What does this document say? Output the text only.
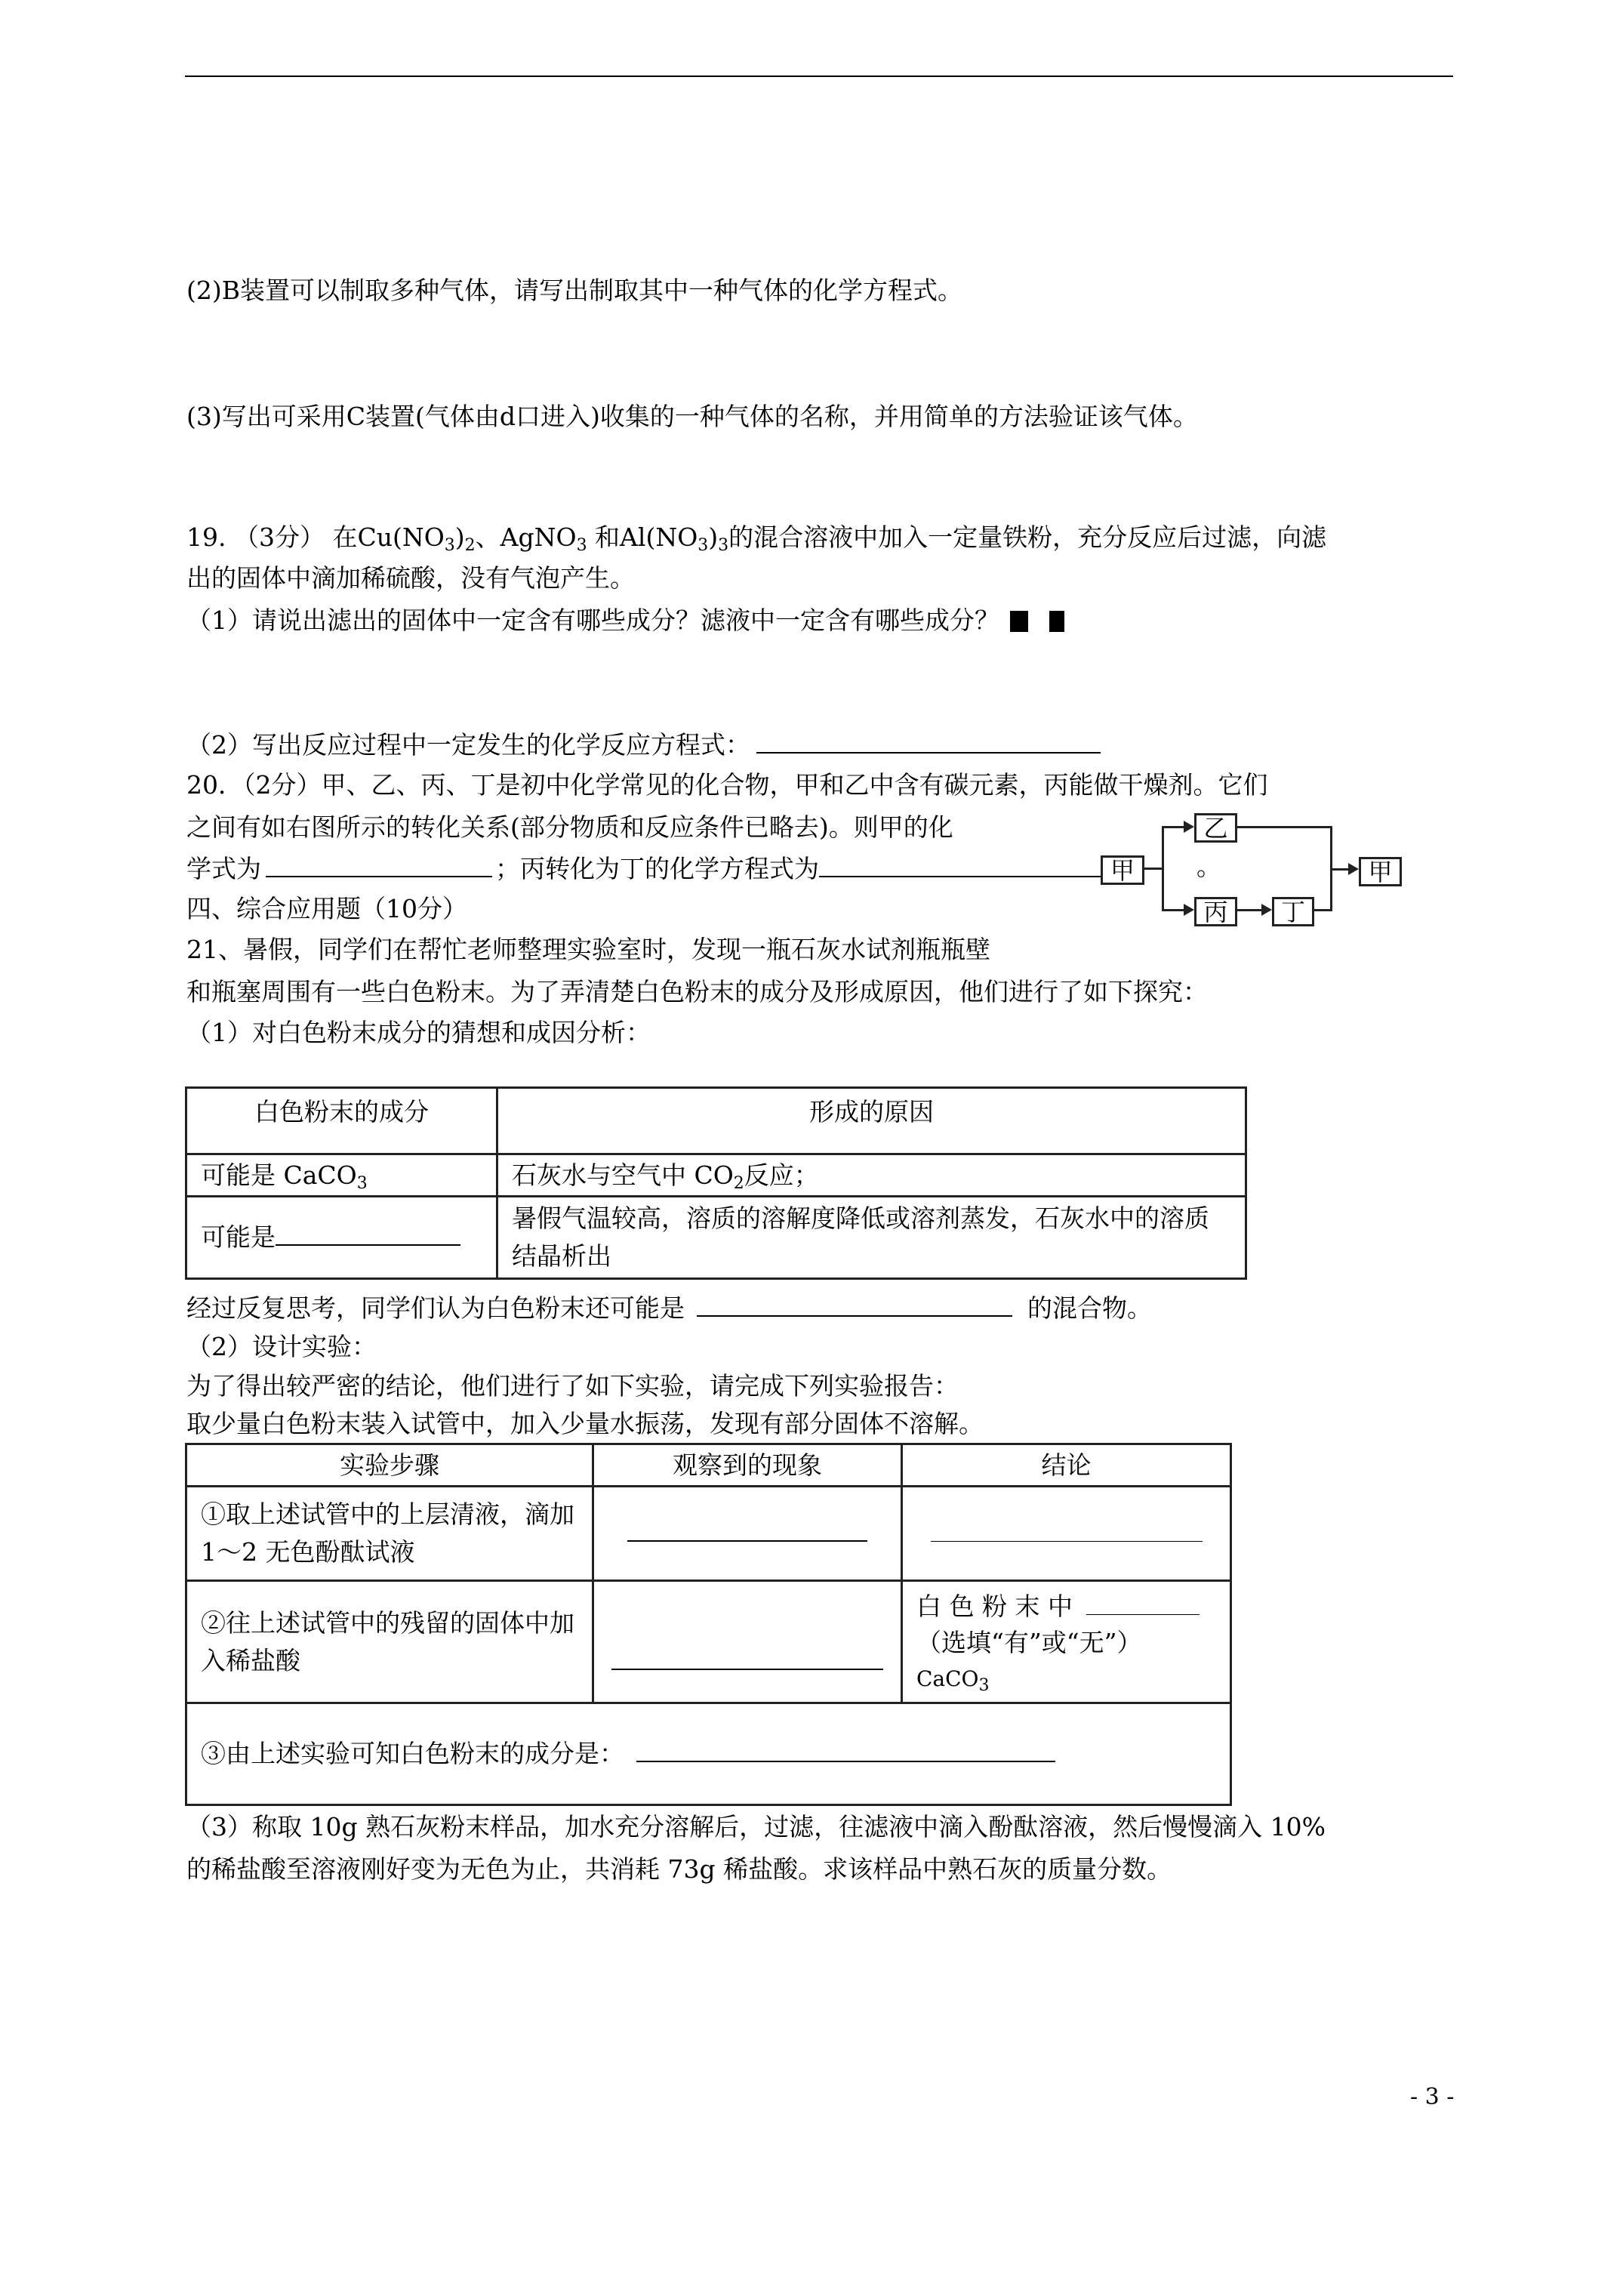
(2)B装置可以制取多种气体，请写出制取其中一种气体的化学方程式。
(3)写出可采用C装置(气体由d口进入)收集的一种气体的名称，并用简单的方法验证该气体。
19. （3分） 在$Cu(NO_3)_2$、AgNO$_3$ 和$Al(NO_3)_3$的混合溶液中加入一定量铁粉，充分反应后过滤，向滤
出的固体中滴加稀硫酸，没有气泡产生。
（1）请说出滤出的固体中一定含有哪些成分？滤液中一定含有哪些成分？
（2）写出反应过程中一定发生的化学反应方程式：
20．（2分）甲、乙、丙、丁是初中化学常见的化合物，甲和乙中含有碳元素，丙能做干燥剂。它们
之间有如右图所示的转化关系(部分物质和反应条件已略去)。则甲的化
学式为	；丙转化为丁的化学方程式为	。
甲
乙
丙	丁
甲
四、综合应用题（10分）
21、暑假，同学们在帮忙老师整理实验室时，发现一瓶石灰水试剂瓶瓶壁
和瓶塞周围有一些白色粉末。为了弄清楚白色粉末的成分及形成原因，他们进行了如下探究：
（1）对白色粉末成分的猜想和成因分析：
白色粉末的成分	形成的原因
可能是 CaCO$_3$	石灰水与空气中 $CO_2$反应；
可能是	暑假气温较高，溶质的溶解度降低或溶剂蒸发，石灰水中的溶质结晶析出
经过反复思考，同学们认为白色粉末还可能是	的混合物。
（2）设计实验：
为了得出较严密的结论，他们进行了如下实验，请完成下列实验报告：
取少量白色粉末装入试管中，加入少量水振荡，发现有部分固体不溶解。
实验步骤	观察到的现象	结论
①取上述试管中的上层清液，滴加 1～2 无色酚酞试液		
②往上述试管中的残留的固体中加入稀盐酸		白 色 粉 末 中
（选填“有”或“无”）
CaCO$_3$

③由上述实验可知白色粉末的成分是：		
（3）称取 10g 熟石灰粉末样品，加水充分溶解后，过滤，往滤液中滴入酚酞溶液，然后慢慢滴入 10%
的稀盐酸至溶液刚好变为无色为止，共消耗 73g 稀盐酸。求该样品中熟石灰的质量分数。
- 3 -
